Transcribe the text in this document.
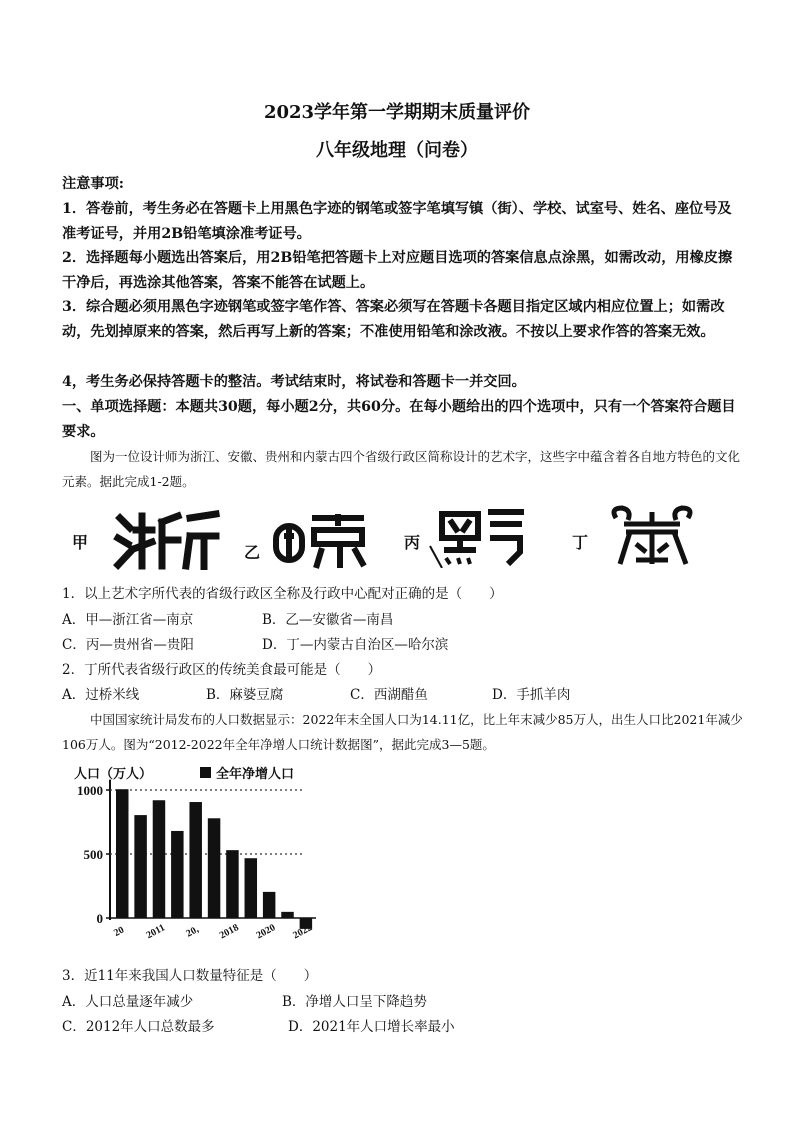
2023学年第一学期期末质量评价
八年级地理（问卷）
注意事项:
1．答卷前，考生务必在答题卡上用黑色字迹的钢笔或签字笔填写镇（街）、学校、试室号、姓名、座位号及准考证号，并用2B铅笔填涂准考证号。
2．选择题每小题选出答案后，用2B铅笔把答题卡上对应题目选项的答案信息点涂黑，如需改动，用橡皮擦干净后，再选涂其他答案，答案不能答在试题上。
3．综合题必须用黑色字迹钢笔或签字笔作答、答案必须写在答题卡各题目指定区域内相应位置上；如需改动，先划掉原来的答案，然后再写上新的答案；不准使用铅笔和涂改液。不按以上要求作答的答案无效。
4，考生务必保持答题卡的整洁。考试结束时，将试卷和答题卡一并交回。
一、单项选择题：本题共30题，每小题2分，共60分。在每小题给出的四个选项中，只有一个答案符合题目要求。
图为一位设计师为浙江、安徽、贵州和内蒙古四个省级行政区简称设计的艺术字，这些字中蕴含着各自地方特色的文化元素。据此完成1-2题。
甲
乙
丙	丁
1．以上艺术字所代表的省级行政区全称及行政中心配对正确的是（　　）
A．甲—浙江省—南京	B．乙—安徽省—南昌
C．丙—贵州省—贵阳	D．丁—内蒙古自治区—哈尔滨
2．丁所代表省级行政区的传统美食最可能是（　　）
A．过桥米线	B．麻婆豆腐	C．西湖醋鱼	D．手抓羊肉
中国国家统计局发布的人口数据显示：2022年末全国人口为14.11亿，比上年末减少85万人，出生人口比2021年减少106万人。图为“2012-2022年全年净增人口统计数据图”，据此完成3—5题。
人口（万人）	全年净增人口
0
500
1000
20 2011 20, 2018 2020 2022
3．近11年来我国人口数量特征是（　　）
A．人口总量逐年减少	B．净增人口呈下降趋势
C．2012年人口总数最多	D．2021年人口增长率最小
